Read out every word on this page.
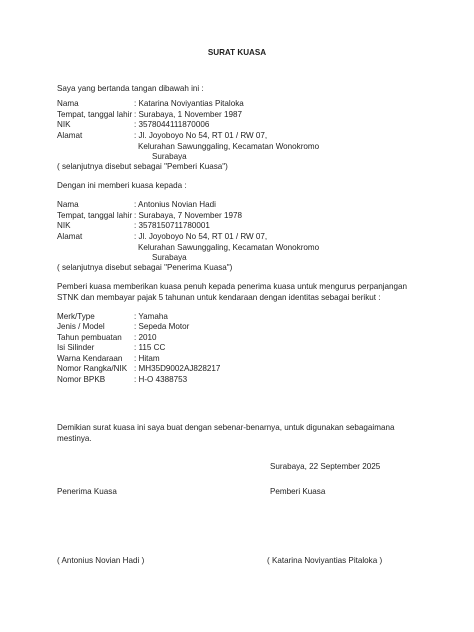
SURAT KUASA
Saya yang bertanda tangan dibawah ini :
Nama	: Katarina Noviyantias Pitaloka
Tempat, tanggal lahir : Surabaya, 1 November 1987
NIK	: 3578044111870006
Alamat	: Jl. Joyoboyo No 54, RT 01 / RW 07,
Kelurahan Sawunggaling, Kecamatan Wonokromo
Surabaya
( selanjutnya disebut sebagai "Pemberi Kuasa")
Dengan ini memberi kuasa kepada :
Nama	: Antonius Novian Hadi
Tempat, tanggal lahir : Surabaya, 7 November 1978
NIK	: 3578150711780001
Alamat	: Jl. Joyoboyo No 54, RT 01 / RW 07,
Kelurahan Sawunggaling, Kecamatan Wonokromo
Surabaya
( selanjutnya disebut sebagai "Penerima Kuasa")
Pemberi kuasa memberikan kuasa penuh kepada penerima kuasa untuk mengurus perpanjangan STNK dan membayar pajak 5 tahunan untuk kendaraan dengan identitas sebagai berikut :
Merk/Type	: Yamaha
Jenis / Model	: Sepeda Motor
Tahun pembuatan : 2010
Isi Silinder	: 115 CC
Warna Kendaraan : Hitam
Nomor Rangka/NIK : MH35D9002AJ828217
Nomor BPKB	: H-O 4388753
Demikian surat kuasa ini saya buat dengan sebenar-benarnya, untuk digunakan sebagaimana mestinya.
Surabaya, 22 September 2025
Penerima Kuasa	Pemberi Kuasa
( Antonius Novian Hadi )	( Katarina Noviyantias Pitaloka )
